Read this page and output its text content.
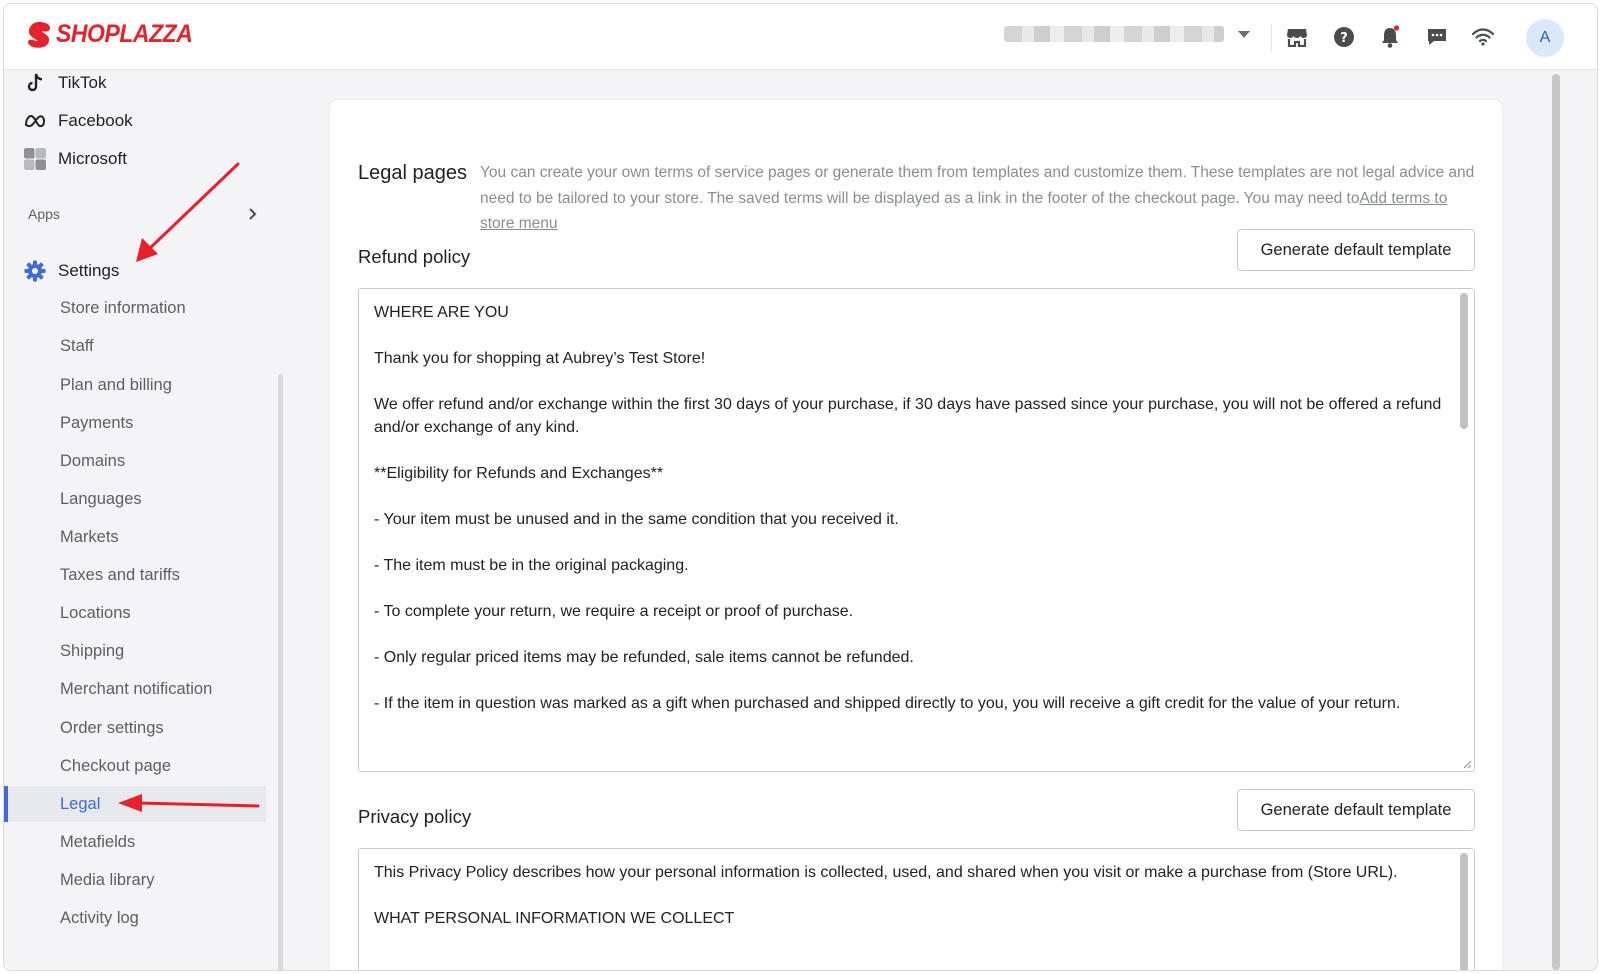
SHOPLAZZA	?	A
TikTok
Facebook
Microsoft
Apps
Settings
Store information
Staff
Plan and billing
Payments
Domains
Languages
Markets
Taxes and tariffs
Locations
Shipping
Merchant notification
Order settings
Checkout page
Legal
Metafields
Media library
Activity log
Legal pages You can create your own terms of service pages or generate them from templates and customize them. These templates are not legal advice and need to be tailored to your store. The saved terms will be displayed as a link in the footer of the checkout page. You may need toAdd terms to store menu
Refund policy	Generate default template

WHERE ARE YOU

Thank you for shopping at Aubrey’s Test Store!

We offer refund and/or exchange within the first 30 days of your purchase, if 30 days have passed since your purchase, you will not be offered a refund and/or exchange of any kind.

**Eligibility for Refunds and Exchanges**

- Your item must be unused and in the same condition that you received it.

- The item must be in the original packaging.

- To complete your return, we require a receipt or proof of purchase.

- Only regular priced items may be refunded, sale items cannot be refunded.

- If the item in question was marked as a gift when purchased and shipped directly to you, you will receive a gift credit for the value of your return.

Privacy policy	Generate default template

This Privacy Policy describes how your personal information is collected, used, and shared when you visit or make a purchase from (Store URL).

WHAT PERSONAL INFORMATION WE COLLECT
